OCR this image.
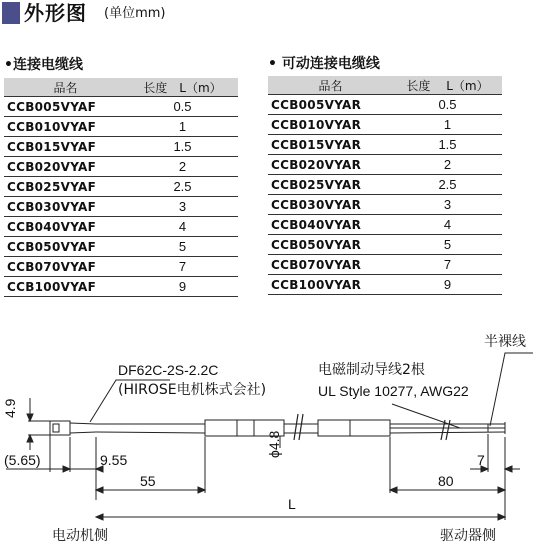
外形图 (单位mm)
•连接电缆线
品名	长度　L（m）
CCB005VYAF	0.5
CCB010VYAF	1
CCB015VYAF	1.5
CCB020VYAF	2
CCB025VYAF	2.5
CCB030VYAF	3
CCB040VYAF	4
CCB050VYAF	5
CCB070VYAF	7
CCB100VYAF	9
• 可动连接电缆线
品名	长度　 L（m）
CCB005VYAR	0.5
CCB010VYAR	1
CCB015VYAR	1.5
CCB020VYAR	2
CCB025VYAR	2.5
CCB030VYAR	3
CCB040VYAR	4
CCB050VYAR	5
CCB070VYAR	7
CCB100VYAR	9
DF62C-2S-2.2C
(HIROSE电机株式会社)
电磁制动导线2根
UL Style 10277, AWG22
半裸线
4.9
(5.65)	9.55
55
ϕ4.8
80
7
L
电动机侧	驱动器侧
